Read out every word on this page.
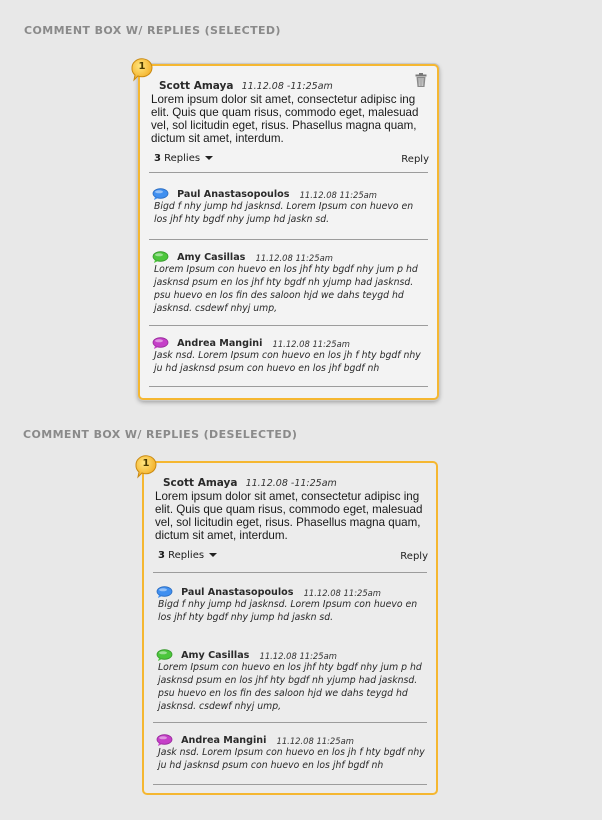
COMMENT BOX W/ REPLIES (SELECTED)
1
Scott Amaya 11.12.08 -11:25am

Lorem ipsum dolor sit amet, consectetur adipisc ing elit. Quis que quam risus, commodo eget, malesuad vel, sol licitudin eget, risus. Phasellus magna quam, dictum sit amet, interdum.

3 Replies	Reply
Paul Anastasopoulos 11.12.08 11:25am
Bigd f nhy jump hd jasknsd. Lorem Ipsum con huevo en los jhf hty bgdf nhy jump hd jaskn sd.
Amy Casillas 11.12.08 11:25am
Lorem Ipsum con huevo en los jhf hty bgdf nhy jum p hd jasknsd psum en los jhf hty bgdf nh yjump had jasknsd. psu huevo en los fin des saloon hjd we dahs teygd hd jasknsd. csdewf nhyj ump,
Andrea Mangini 11.12.08 11:25am
Jask nsd. Lorem Ipsum con huevo en los jh f hty bgdf nhy ju hd jasknsd psum con huevo en los jhf bgdf nh
COMMENT BOX W/ REPLIES (DESELECTED)
1
Scott Amaya 11.12.08 -11:25am

Lorem ipsum dolor sit amet, consectetur adipisc ing elit. Quis que quam risus, commodo eget, malesuad vel, sol licitudin eget, risus. Phasellus magna quam, dictum sit amet, interdum.

3 Replies	Reply
Paul Anastasopoulos 11.12.08 11:25am
Bigd f nhy jump hd jasknsd. Lorem Ipsum con huevo en los jhf hty bgdf nhy jump hd jaskn sd.
Amy Casillas 11.12.08 11:25am
Lorem Ipsum con huevo en los jhf hty bgdf nhy jum p hd jasknsd psum en los jhf hty bgdf nh yjump had jasknsd. psu huevo en los fin des saloon hjd we dahs teygd hd jasknsd. csdewf nhyj ump,
Andrea Mangini 11.12.08 11:25am
Jask nsd. Lorem Ipsum con huevo en los jh f hty bgdf nhy ju hd jasknsd psum con huevo en los jhf bgdf nh
